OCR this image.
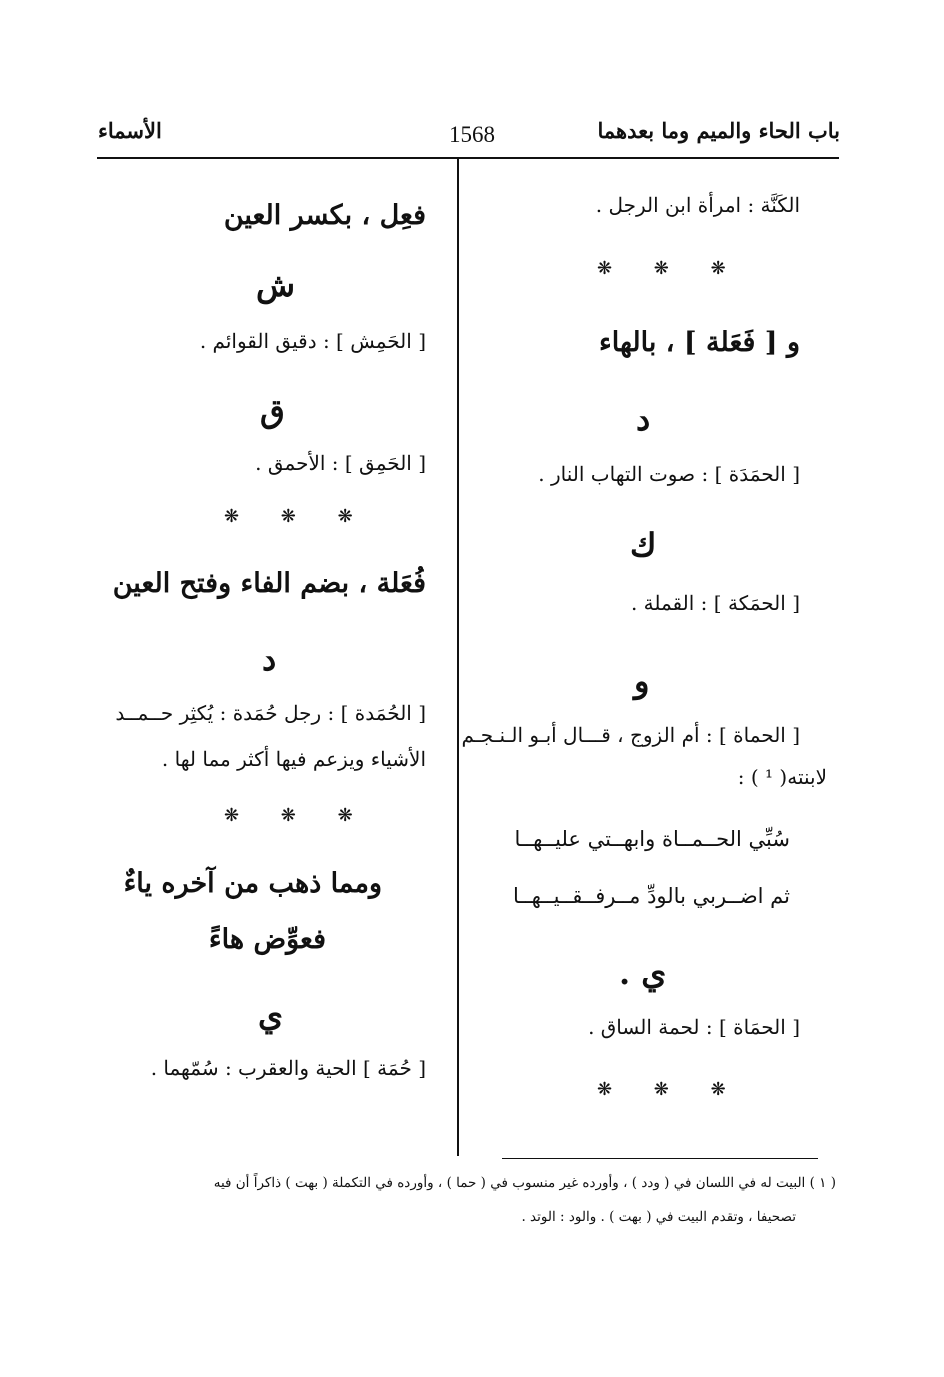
باب الحاء والميم وما بعدهما
1568
الأسماء
الكَنَّة : امرأة ابن الرجل .
❋ ❋ ❋
و [ فَعَلة ] ، بالهاء
د
[ الحمَدَة ] : صوت التهاب النار .
ك
[ الحمَكة ] : القملة .
و
[ الحماة ] : أم الزوج ، قـــال أبـو الـنـجـم
لابنته( ¹ ) :
سُبِّي الحــمــاة وابهــتي عليــهــا
ثم اضــربي بالودِّ مــرفــقــيــهــا
ي .
[ الحمَاة ] : لحمة الساق .
❋ ❋ ❋
فعِل ، بكسر العين
ش
[ الحَمِش ] : دقيق القوائم .
ق
[ الحَمِق ] : الأحمق .
❋ ❋ ❋
فُعَلة ، بضم الفاء وفتح العين
د
[ الحُمَدة ] : رجل حُمَدة : يُكثِر حــمــد
الأشياء ويزعم فيها أكثر مما لها .
❋ ❋ ❋
ومما ذهب من آخره ياءٌ
فعوِّض هاءً
ي
[ حُمَة ] الحية والعقرب : سُمّهما .
( ١ ) البيت له في اللسان في ( ودد ) ، وأورده غير منسوب في ( حما ) ، وأورده في التكملة ( بهت ) ذاكراً أن فيه
تصحيفا ، وتقدم البيت في ( بهت ) . والود : الوتد .
